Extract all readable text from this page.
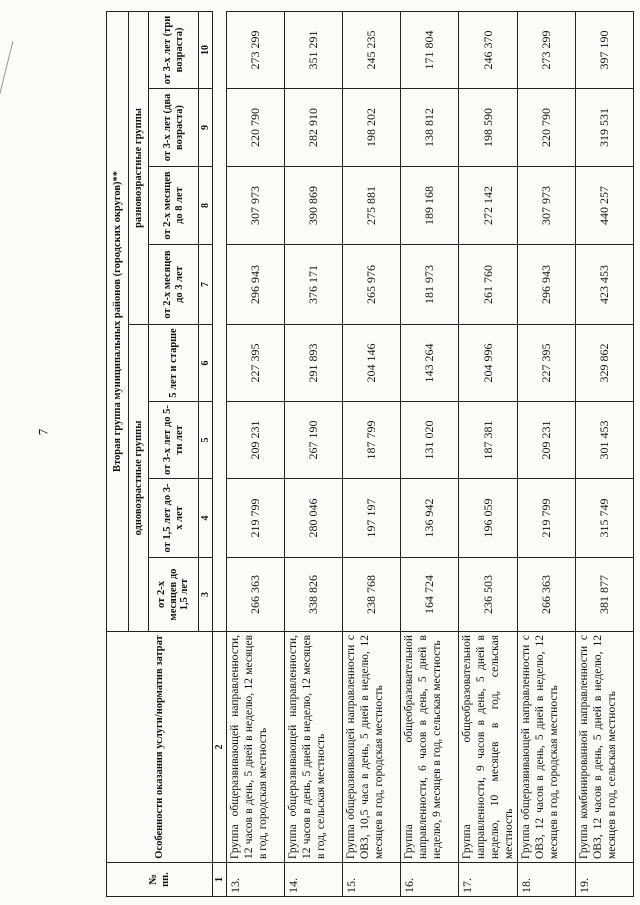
7
№ пп.	Особенности оказания услуги/норматив затрат	Вторая группа муниципальных районов (городских округов)**							
		одновозрастные группы				разновозрастные группы			
		от 2-х месяцев до 1,5 лет	от 1,5 лет до 3-х лет	от 3-х лет до 5-ти лет	5 лет и старше	от 2-х месяцев до 3 лет	от 2-х месяцев до 8 лет	от 3-х лет (два возраста)	от 3-х лет (три возраста)
		3	4	5	6	7	8	9	10
1	2								
13.	Группа общеразвивающей направленности, 12 часов в день, 5 дней в неделю, 12 месяцев в год, городская местность	266 363	219 799	209 231	227 395	296 943	307 973	220 790	273 299
14.	Группа общеразвивающей направленности, 12 часов в день, 5 дней в неделю, 12 месяцев в год, сельская местность	338 826	280 046	267 190	291 893	376 171	390 869	282 910	351 291
15.	Группа общеразвивающей направленности с ОВЗ, 10,5 часа в день, 5 дней в неделю, 12 месяцев в год, городская местность	238 768	197 197	187 799	204 146	265 976	275 881	198 202	245 235
16.	Группа общеобразовательной направленности, 6 часов в день, 5 дней в неделю, 9 месяцев в год, сельская местность	164 724	136 942	131 020	143 264	181 973	189 168	138 812	171 804
17.	Группа общеобразовательной направленности, 9 часов в день, 5 дней в неделю, 10 месяцев в год, сельская местность	236 503	196 059	187 381	204 996	261 760	272 142	198 590	246 370
18.	Группа общеразвивающей направленности с ОВЗ, 12 часов в день, 5 дней в неделю, 12 месяцев в год, городская местность	266 363	219 799	209 231	227 395	296 943	307 973	220 790	273 299
19.	Группа комбинированной направленности с ОВЗ, 12 часов в день, 5 дней в неделю, 12 месяцев в год, сельская местность	381 877	315 749	301 453	329 862	423 453	440 257	319 531	397 190
